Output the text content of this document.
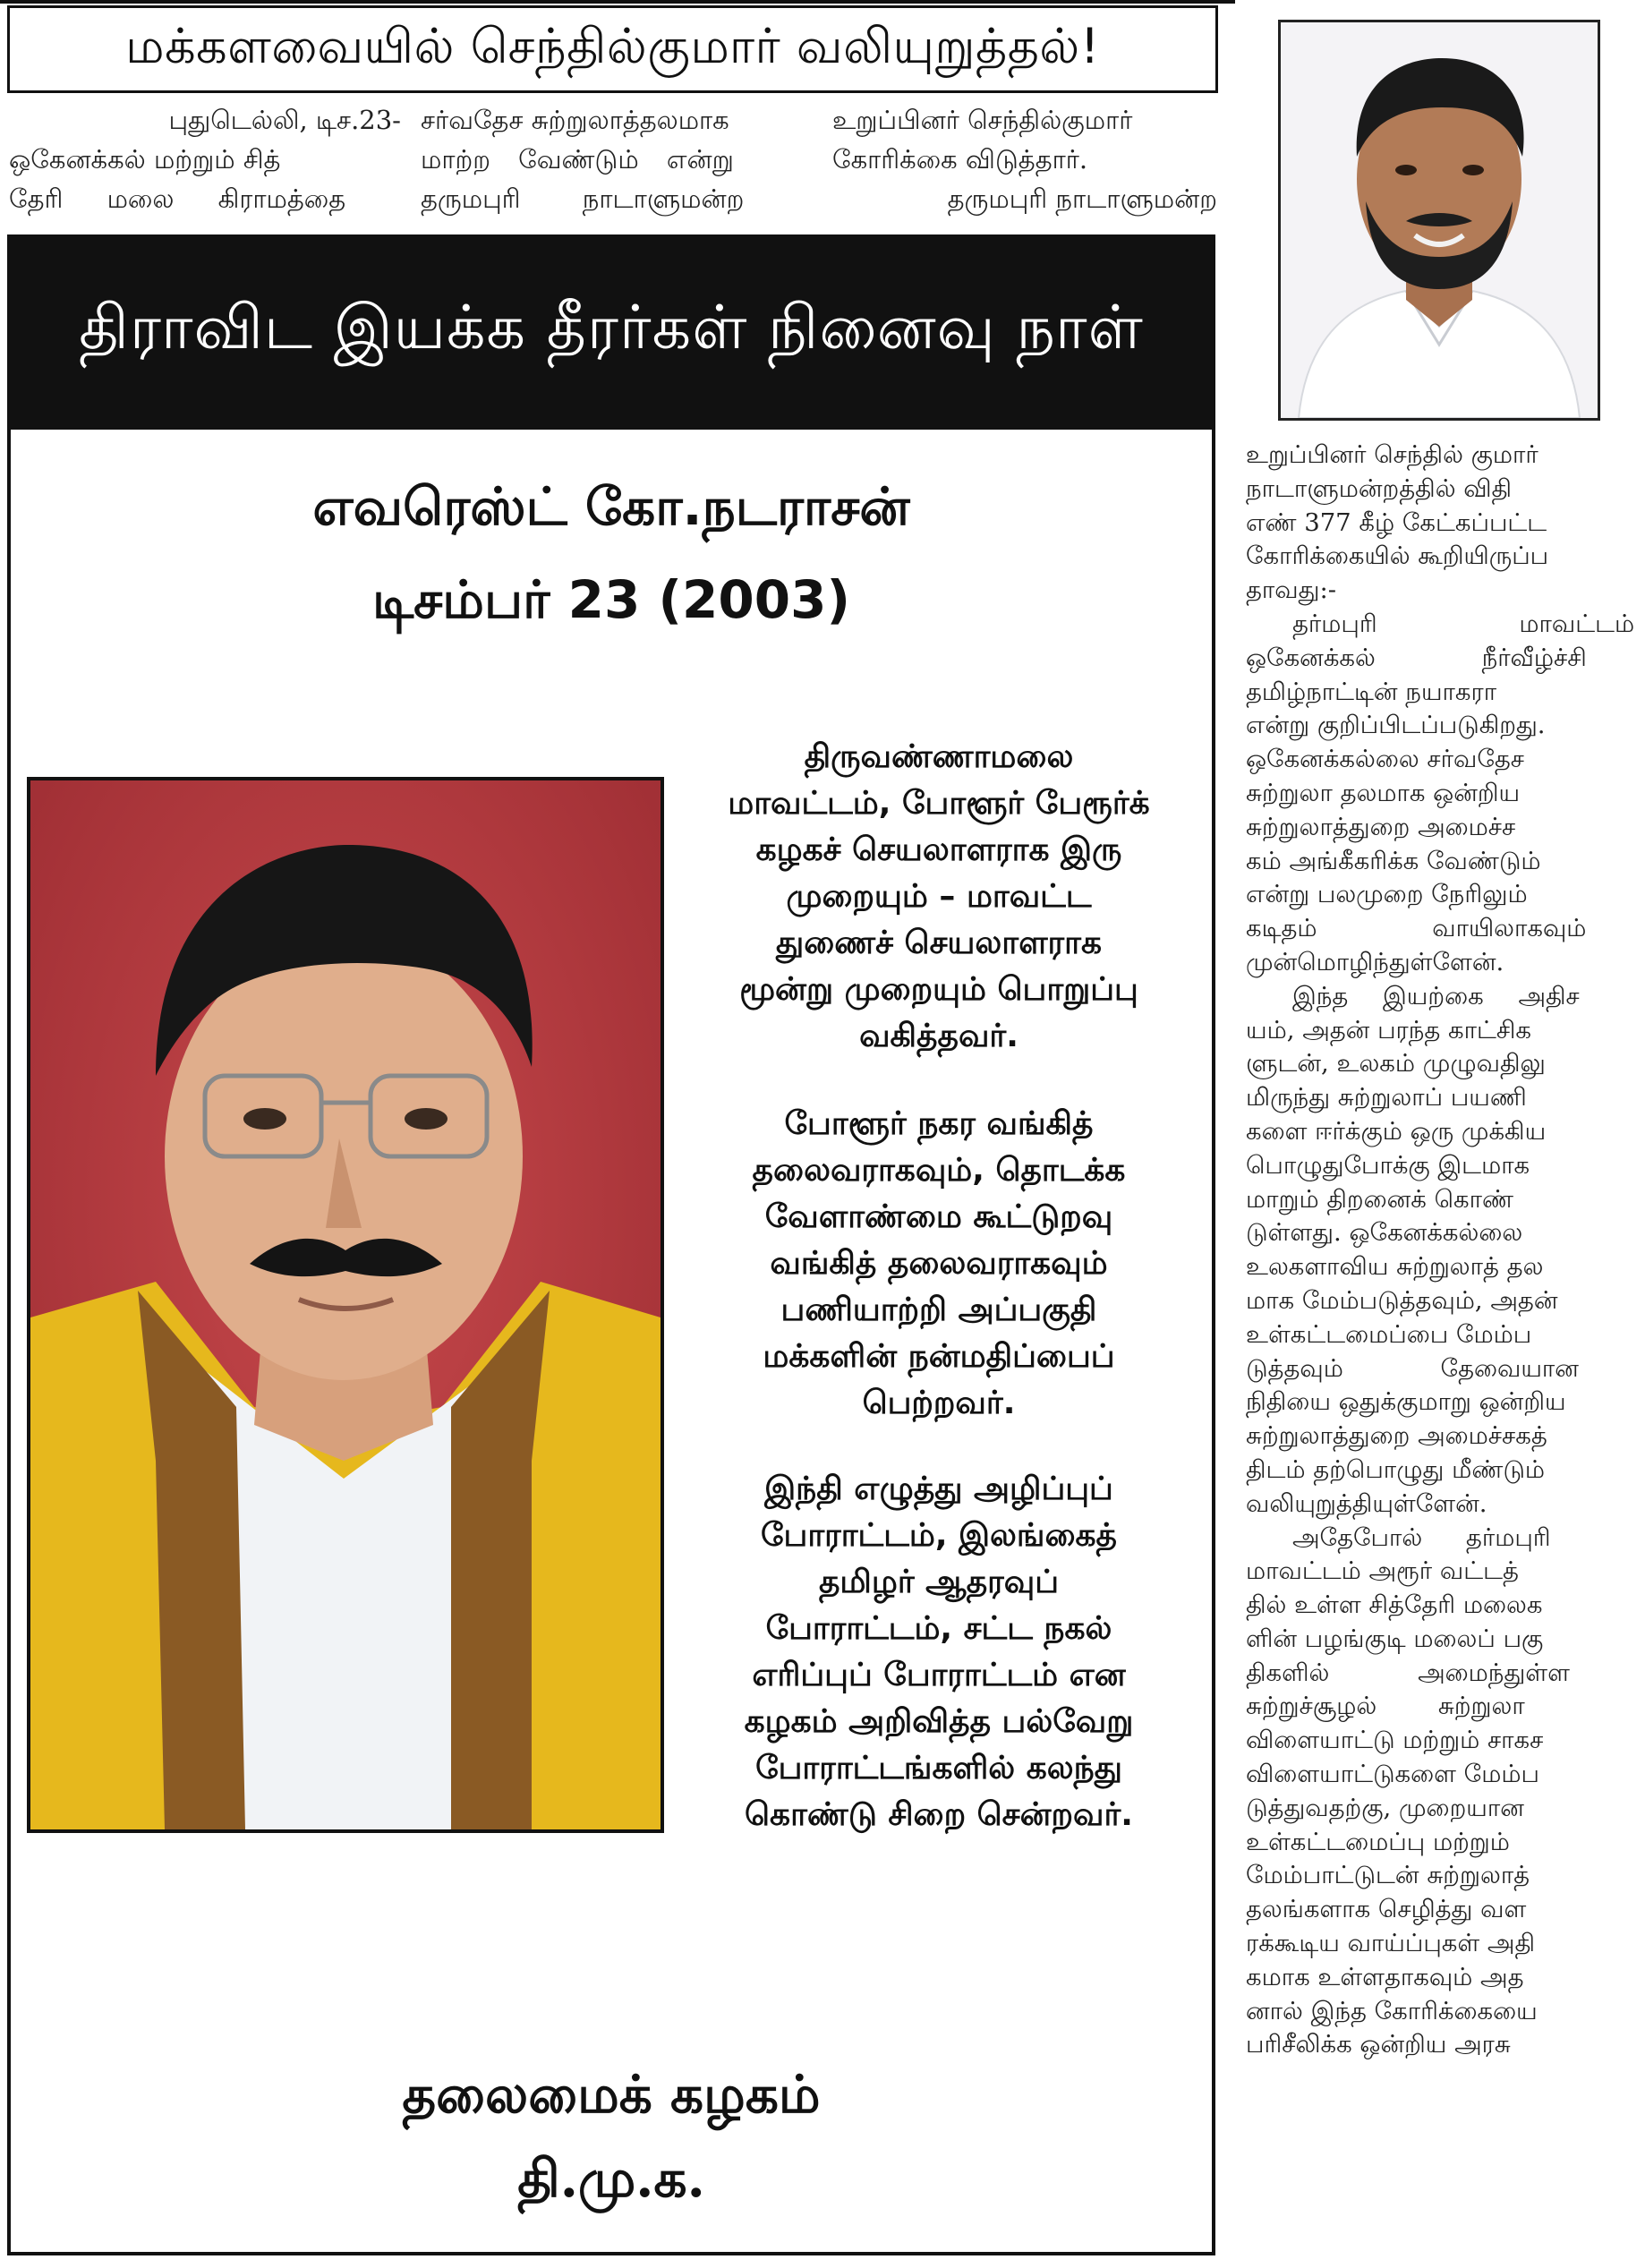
மக்களவையில் செந்தில்குமார் வலியுறுத்தல்!
புதுடெல்லி, டிச.23-
ஒகேனக்கல் மற்றும் சித்
தேரி மலை கிராமத்தை
சர்வதேச சுற்றுலாத்தலமாக
மாற்ற வேண்டும் என்று
தருமபுரி நாடாளுமன்ற
உறுப்பினர் செந்தில்குமார்
கோரிக்கை விடுத்தார்.
தருமபுரி நாடாளுமன்ற
திராவிட இயக்க தீரர்கள் நினைவு நாள்
எவரெஸ்ட் கோ.நடராசன்
டிசம்பர் 23 (2003)
திருவண்ணாமலை
மாவட்டம், போளூர் பேரூர்க்
கழகச் செயலாளராக இரு
முறையும் – மாவட்ட
துணைச் செயலாளராக
மூன்று முறையும் பொறுப்பு
வகித்தவர்.
போளூர் நகர வங்கித்
தலைவராகவும், தொடக்க
வேளாண்மை கூட்டுறவு
வங்கித் தலைவராகவும்
பணியாற்றி அப்பகுதி
மக்களின் நன்மதிப்பைப்
பெற்றவர்.
இந்தி எழுத்து அழிப்புப்
போராட்டம், இலங்கைத்
தமிழர் ஆதரவுப்
போராட்டம், சட்ட நகல்
எரிப்புப் போராட்டம் என
கழகம் அறிவித்த பல்வேறு
போராட்டங்களில் கலந்து
கொண்டு சிறை சென்றவர்.
தலைமைக் கழகம்
தி.மு.க.
உறுப்பினர் செந்தில் குமார்
நாடாளுமன்றத்தில் விதி
எண் 377 கீழ் கேட்கப்பட்ட
கோரிக்கையில் கூறியிருப்ப
தாவது:-
தர்மபுரி மாவட்டம்
ஒகேனக்கல் நீர்வீழ்ச்சி
தமிழ்நாட்டின் நயாகரா
என்று குறிப்பிடப்படுகிறது.
ஒகேனக்கல்லை சர்வதேச
சுற்றுலா தலமாக ஒன்றிய
சுற்றுலாத்துறை அமைச்ச
கம் அங்கீகரிக்க வேண்டும்
என்று பலமுறை நேரிலும்
கடிதம் வாயிலாகவும்
முன்மொழிந்துள்ளேன்.
இந்த இயற்கை அதிச
யம், அதன் பரந்த காட்சிக
ளுடன், உலகம் முழுவதிலு
மிருந்து சுற்றுலாப் பயணி
களை ஈர்க்கும் ஒரு முக்கிய
பொழுதுபோக்கு இடமாக
மாறும் திறனைக் கொண்
டுள்ளது. ஒகேனக்கல்லை
உலகளாவிய சுற்றுலாத் தல
மாக மேம்படுத்தவும், அதன்
உள்கட்டமைப்பை மேம்ப
டுத்தவும் தேவையான
நிதியை ஒதுக்குமாறு ஒன்றிய
சுற்றுலாத்துறை அமைச்சகத்
திடம் தற்பொழுது மீண்டும்
வலியுறுத்தியுள்ளேன்.
அதேபோல் தர்மபுரி
மாவட்டம் அரூர் வட்டத்
தில் உள்ள சித்தேரி மலைக
ளின் பழங்குடி மலைப் பகு
திகளில் அமைந்துள்ள
சுற்றுச்சூழல் சுற்றுலா
விளையாட்டு மற்றும் சாகச
விளையாட்டுகளை மேம்ப
டுத்துவதற்கு, முறையான
உள்கட்டமைப்பு மற்றும்
மேம்பாட்டுடன் சுற்றுலாத்
தலங்களாக செழித்து வள
ரக்கூடிய வாய்ப்புகள் அதி
கமாக உள்ளதாகவும் அத
னால் இந்த கோரிக்கையை
பரிசீலிக்க ஒன்றிய அரசு
